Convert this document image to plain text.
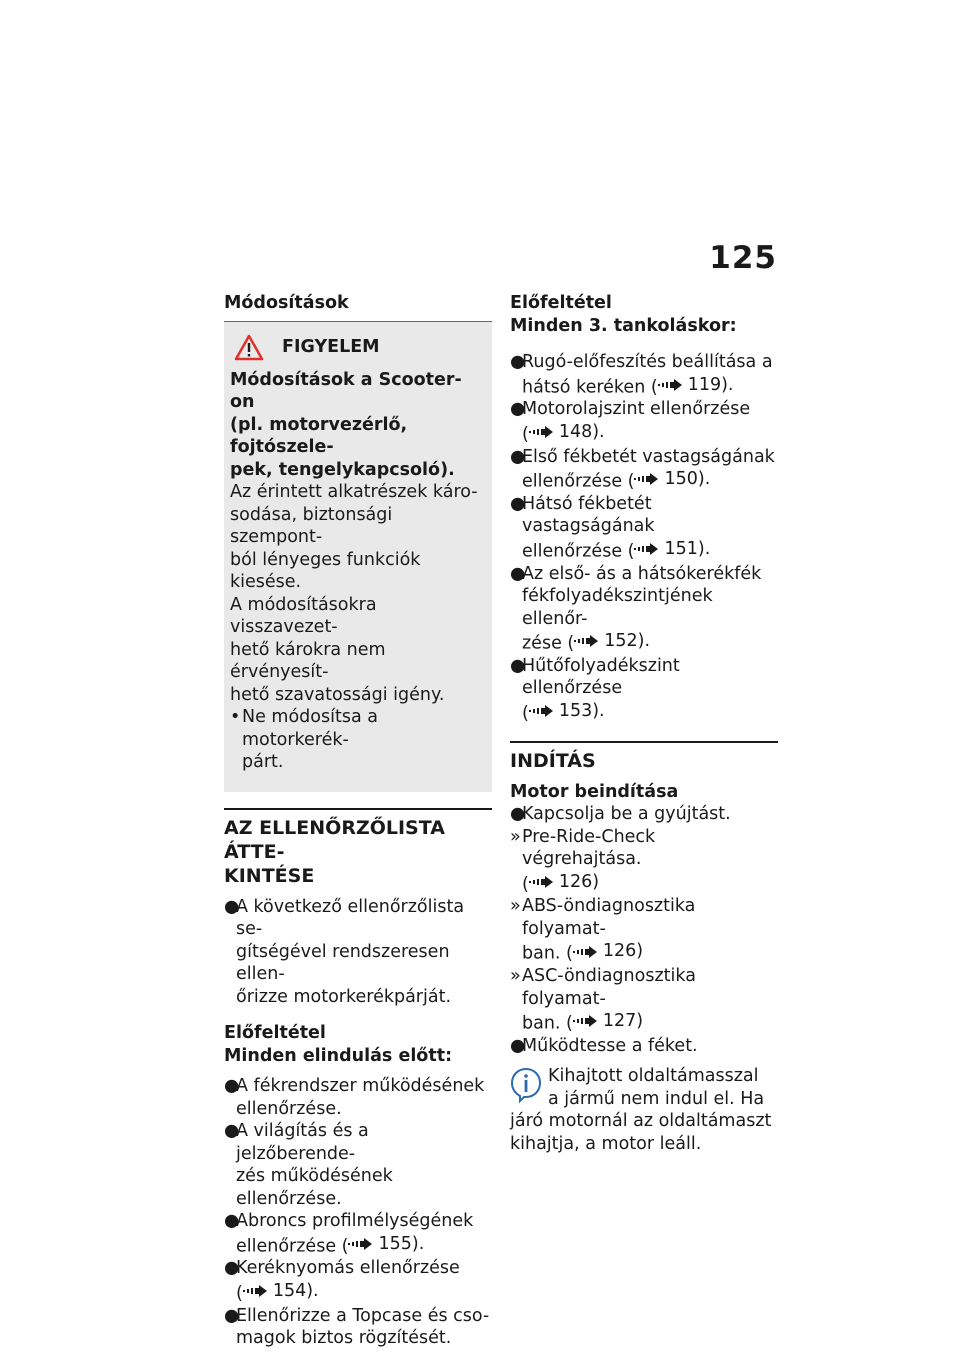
125
Módosítások
FIGYELEM
Módosítások a Scooter-on
(pl. motorvezérlő, fojtószele-
pek, tengelykapcsoló).
Az érintett alkatrészek káro-
sodása, biztonsági szempont-
ból lényeges funkciók kiesése.
A módosításokra visszavezet-
hető károkra nem érvényesít-
hető szavatossági igény.
• Ne módosítsa a motorkerék-
párt.
AZ ELLENŐRZŐLISTA ÁTTE-
KINTÉSE
●
A következő ellenőrzőlista se-
gítségével rendszeresen ellen-
őrizze motorkerékpárját.
Előfeltétel
Minden elindulás előtt:
●
A fékrendszer működésének
ellenőrzése.
●
A világítás és a jelzőberende-
zés működésének ellenőrzése.
●
Abroncs profilmélységének
ellenőrzése ( 155).
●
Keréknyomás ellenőrzése
( 154).
●
Ellenőrizze a Topcase és cso-
magok biztos rögzítését.
Előfeltétel
Minden 3. tankoláskor:
●
Rugó-előfeszítés beállítása a
hátsó keréken ( 119).
●
Motorolajszint ellenőrzése
( 148).
●
Első fékbetét vastagságának
ellenőrzése ( 150).
●
Hátsó fékbetét vastagságának
ellenőrzése ( 151).
●
Az első- ás a hátsókerékfék
fékfolyadékszintjének ellenőr-
zése ( 152).
●
Hűtőfolyadékszint ellenőrzése
( 153).
INDÍTÁS
Motor beindítása
●
Kapcsolja be a gyújtást.
» Pre-Ride-Check végrehajtása.
( 126)
» ABS-öndiagnosztika folyamat-
ban. ( 126)
» ASC-öndiagnosztika folyamat-
ban. ( 127)
●
Működtesse a féket.
Kihajtott oldaltámasszal
a jármű nem indul el. Ha
járó motornál az oldaltámaszt
kihajtja, a motor leáll.
